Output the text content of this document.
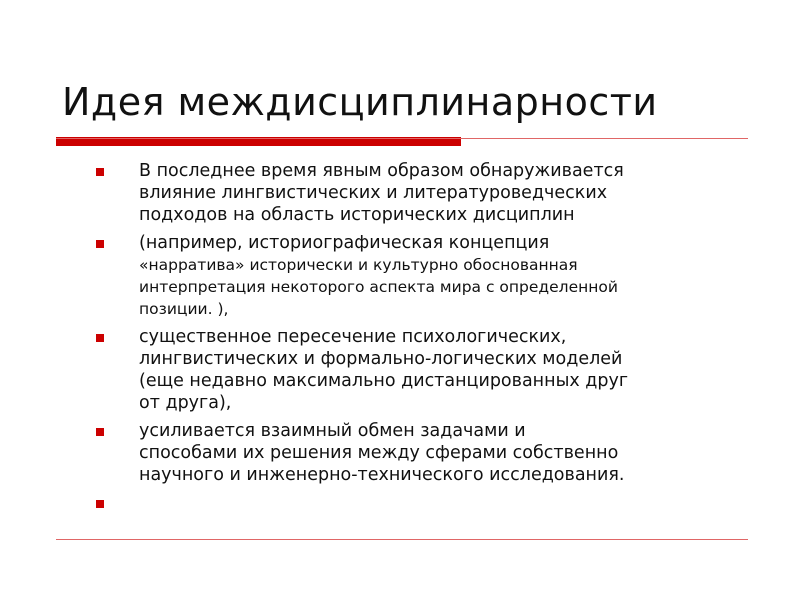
Идея междисциплинарности
В последнее время явным образом обнаруживается
влияние лингвистических и литературоведческих
подходов на область исторических дисциплин
(например, историографическая концепция
«нарратива» исторически и культурно обоснованная
интерпретация некоторого аспекта мира с определенной
позиции. ),
существенное пересечение психологических,
лингвистических и формально-логических моделей
(еще недавно максимально дистанцированных друг
от друга),
усиливается взаимный обмен задачами и
способами их решения между сферами собственно
научного и инженерно-технического исследования.
